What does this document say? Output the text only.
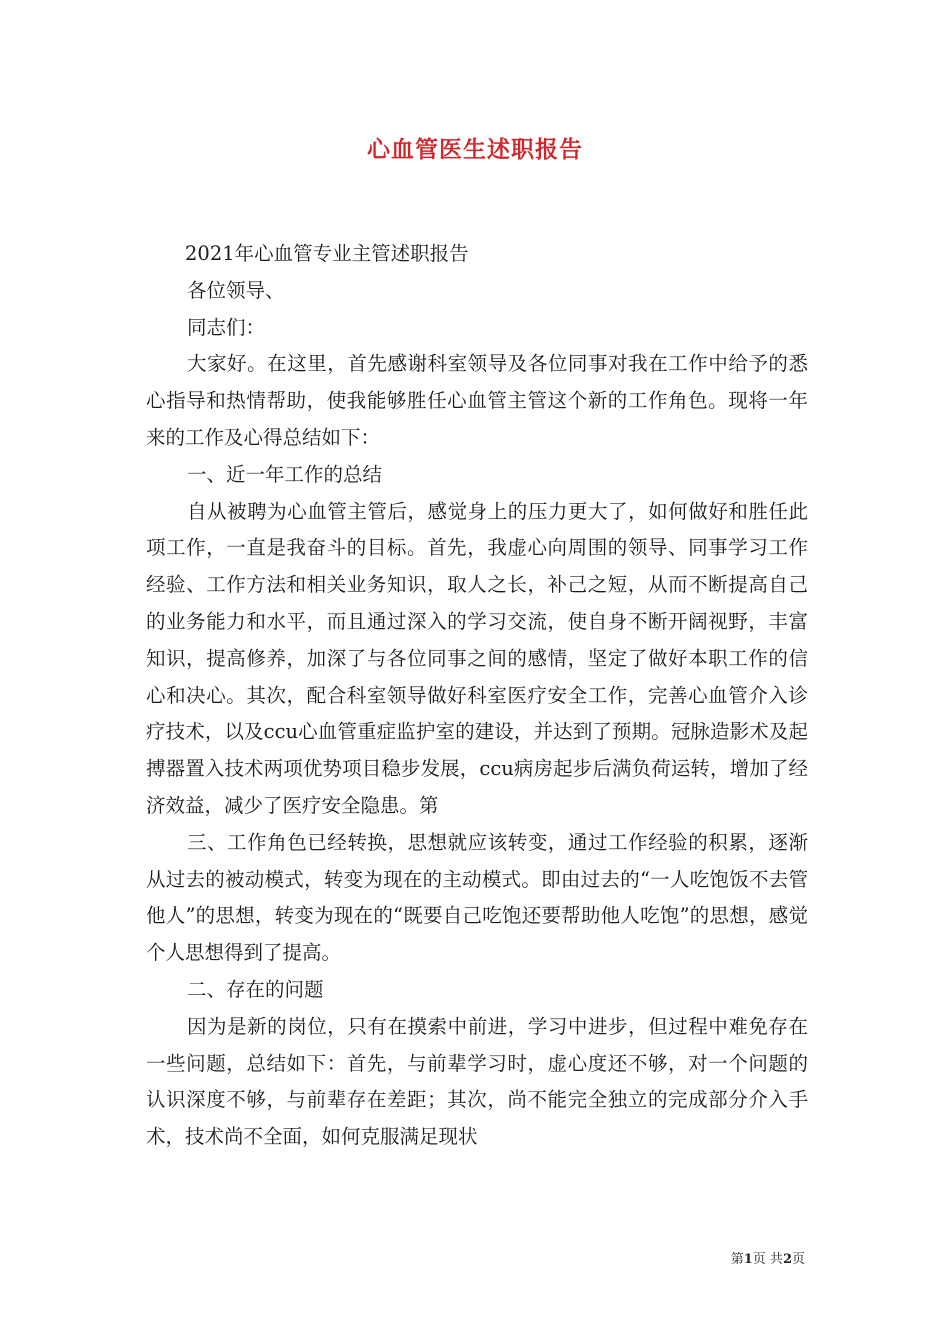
心血管医生述职报告

2021年心血管专业主管述职报告

各位领导、

同志们：

大家好。在这里，首先感谢科室领导及各位同事对我在工作中给予的悉心指导和热情帮助，使我能够胜任心血管主管这个新的工作角色。现将一年来的工作及心得总结如下：

一、近一年工作的总结

自从被聘为心血管主管后，感觉身上的压力更大了，如何做好和胜任此项工作，一直是我奋斗的目标。首先，我虚心向周围的领导、同事学习工作经验、工作方法和相关业务知识，取人之长，补己之短，从而不断提高自己的业务能力和水平，而且通过深入的学习交流，使自身不断开阔视野，丰富知识，提高修养，加深了与各位同事之间的感情，坚定了做好本职工作的信心和决心。其次，配合科室领导做好科室医疗安全工作，完善心血管介入诊疗技术，以及ccu心血管重症监护室的建设，并达到了预期。冠脉造影术及起搏器置入技术两项优势项目稳步发展，ccu病房起步后满负荷运转，增加了经济效益，减少了医疗安全隐患。第

三、工作角色已经转换，思想就应该转变，通过工作经验的积累，逐渐从过去的被动模式，转变为现在的主动模式。即由过去的“一人吃饱饭不去管他人”的思想，转变为现在的“既要自己吃饱还要帮助他人吃饱”的思想，感觉个人思想得到了提高。

二、存在的问题

因为是新的岗位，只有在摸索中前进，学习中进步，但过程中难免存在一些问题，总结如下：首先，与前辈学习时，虚心度还不够，对一个问题的认识深度不够，与前辈存在差距；其次，尚不能完全独立的完成部分介入手术，技术尚不全面，如何克服满足现状

第1页 共2页
